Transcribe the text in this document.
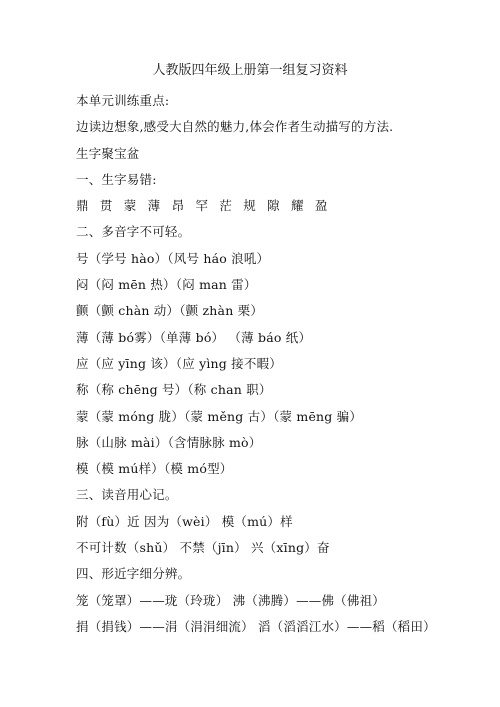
人教版四年级上册第一组复习资料
本单元训练重点:
边读边想象,感受大自然的魅力,体会作者生动描写的方法.
生字聚宝盆
一、生字易错:
鼎 贯 蒙 薄 昂 罕 茫 规 隙 耀 盈
二、多音字不可轻。
号（学号 hào）（风号 háo 浪吼）
闷（闷 mēn 热）（闷 man 雷）
颤（颤 chàn 动）（颤 zhàn 栗）
薄（薄 bó雾）（单薄 bó） （薄 báo 纸）
应（应 yīng 该）（应 yìng 接不暇）
称（称 chēng 号）（称 chan 职）
蒙（蒙 móng 胧）（蒙 měng 古）（蒙 mēng 骗）
脉（山脉 mài）（含情脉脉 mò）
模（模 mú样）（模 mó型）
三、读音用心记。
附（fù）近 因为（wèi） 模（mú）样
不可计数（shǔ） 不禁（jīn） 兴（xīng）奋
四、形近字细分辨。
笼（笼罩）——珑（玲珑） 沸（沸腾）——佛（佛祖）
捐（捐钱）——涓（涓涓细流） 滔（滔滔江水）——稻（稻田）
